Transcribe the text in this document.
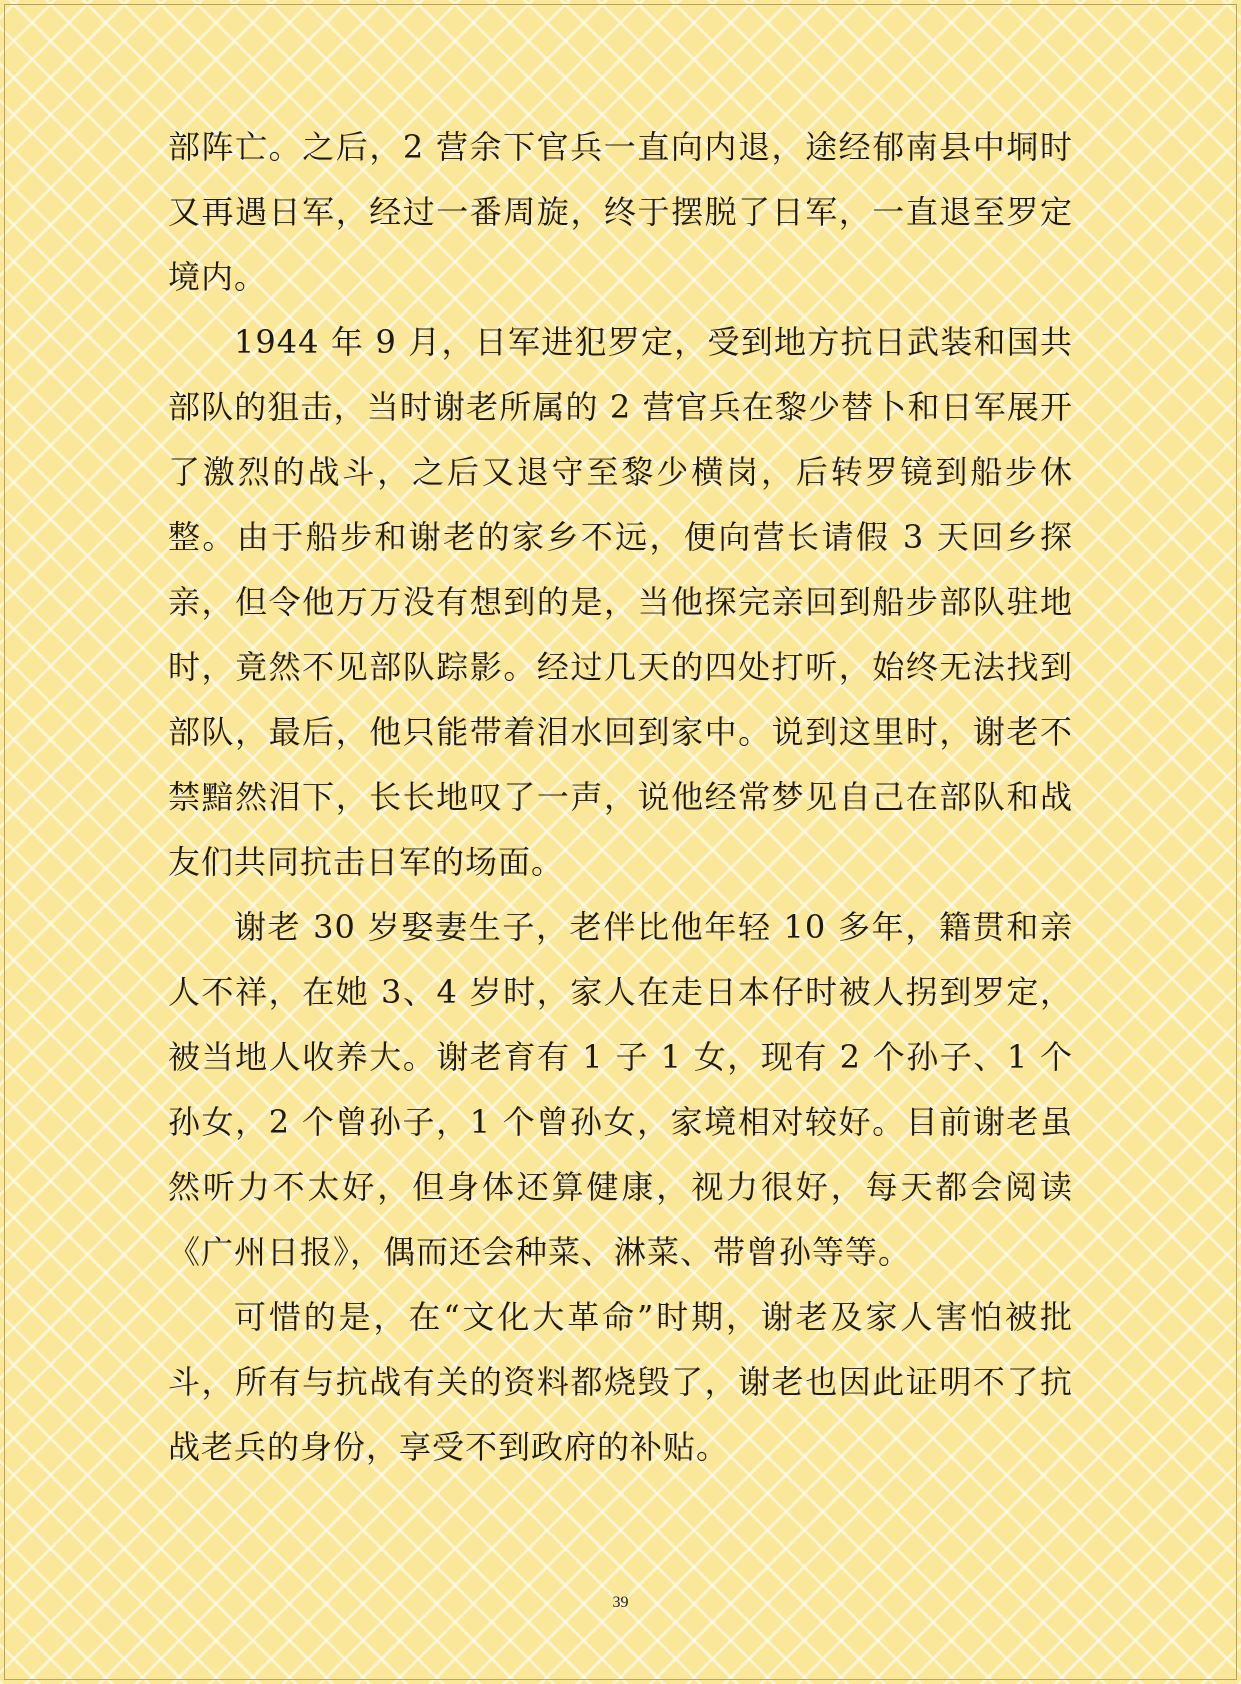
部阵亡。之后，2 营余下官兵一直向内退，途经郁南县中垌时又再遇日军，经过一番周旋，终于摆脱了日军，一直退至罗定境内。

1944 年 9 月，日军进犯罗定，受到地方抗日武装和国共部队的狙击，当时谢老所属的 2 营官兵在黎少替卜和日军展开了激烈的战斗，之后又退守至黎少横岗，后转罗镜到船步休整。由于船步和谢老的家乡不远，便向营长请假 3 天回乡探亲，但令他万万没有想到的是，当他探完亲回到船步部队驻地时，竟然不见部队踪影。经过几天的四处打听，始终无法找到部队，最后，他只能带着泪水回到家中。说到这里时，谢老不禁黯然泪下，长长地叹了一声，说他经常梦见自己在部队和战友们共同抗击日军的场面。

谢老 30 岁娶妻生子，老伴比他年轻 10 多年，籍贯和亲人不祥，在她 3、4 岁时，家人在走日本仔时被人拐到罗定，被当地人收养大。谢老育有 1 子 1 女，现有 2 个孙子、1 个孙女，2 个曾孙子，1 个曾孙女，家境相对较好。目前谢老虽然听力不太好，但身体还算健康，视力很好，每天都会阅读《广州日报》，偶而还会种菜、淋菜、带曾孙等等。

可惜的是，在“文化大革命”时期，谢老及家人害怕被批斗，所有与抗战有关的资料都烧毁了，谢老也因此证明不了抗战老兵的身份，享受不到政府的补贴。

39
